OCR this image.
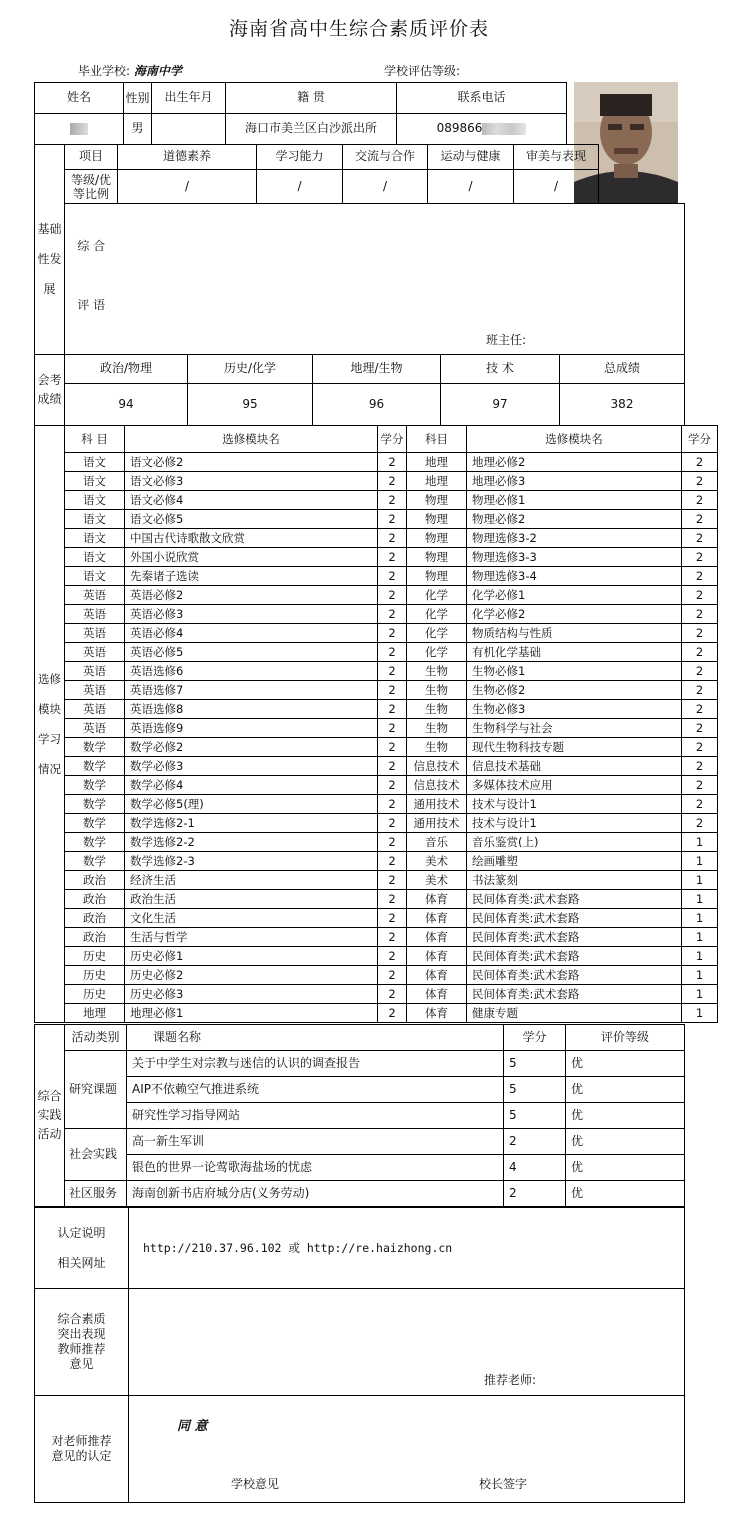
海南省高中生综合素质评价表
毕业学校: 海南中学	学校评估等级:
姓名	性别	出生年月	籍 贯	联系电话
	男		海口市美兰区白沙派出所	089866
基础性发展	项目	道德素养	学习能力	交流与合作	运动与健康	审美与表现	
	等级/优等比例	/	/	/	/	/	

	综 合
评 语	班主任:					
会考成绩	政治/物理	历史/化学	地理/生物	技 术	总成绩
	94	95	96	97	382
选修模块学习情况	科 目	选修模块名	学分	科目	选修模块名	学分
	语文	语文必修2	2	地理	地理必修2	2
	语文	语文必修3	2	地理	地理必修3	2
	语文	语文必修4	2	物理	物理必修1	2
	语文	语文必修5	2	物理	物理必修2	2
	语文	中国古代诗歌散文欣赏	2	物理	物理选修3-2	2
	语文	外国小说欣赏	2	物理	物理选修3-3	2
	语文	先秦诸子选读	2	物理	物理选修3-4	2
	英语	英语必修2	2	化学	化学必修1	2
	英语	英语必修3	2	化学	化学必修2	2
	英语	英语必修4	2	化学	物质结构与性质	2
	英语	英语必修5	2	化学	有机化学基础	2
	英语	英语选修6	2	生物	生物必修1	2
	英语	英语选修7	2	生物	生物必修2	2
	英语	英语选修8	2	生物	生物必修3	2
	英语	英语选修9	2	生物	生物科学与社会	2
	数学	数学必修2	2	生物	现代生物科技专题	2
	数学	数学必修3	2	信息技术	信息技术基础	2
	数学	数学必修4	2	信息技术	多媒体技术应用	2
	数学	数学必修5(理)	2	通用技术	技术与设计1	2
	数学	数学选修2-1	2	通用技术	技术与设计1	2
	数学	数学选修2-2	2	音乐	音乐鉴赏(上)	1
	数学	数学选修2-3	2	美术	绘画雕塑	1
	政治	经济生活	2	美术	书法篆刻	1
	政治	政治生活	2	体育	民间体育类:武术套路	1
	政治	文化生活	2	体育	民间体育类:武术套路	1
	政治	生活与哲学	2	体育	民间体育类:武术套路	1
	历史	历史必修1	2	体育	民间体育类:武术套路	1
	历史	历史必修2	2	体育	民间体育类:武术套路	1
	历史	历史必修3	2	体育	民间体育类:武术套路	1
	地理	地理必修1	2	体育	健康专题	1
综合实践活动	活动类别	课题名称	学分	评价等级
	研究课题	关于中学生对宗教与迷信的认识的调查报告	5	优
		AIP不依赖空气推进系统	5	优
		研究性学习指导网站	5	优
	社会实践	高一新生军训	2	优
		银色的世界一论莺歌海盐场的忧虑	4	优
	社区服务	海南创新书店府城分店(义务劳动)	2	优
认定说明
相关网址	http://210.37.96.102 或 http://re.haizhong.cn
综合素质突出表现教师推荐意见	推荐老师:
对老师推荐意见的认定	同 意
学校意见 校长签字
